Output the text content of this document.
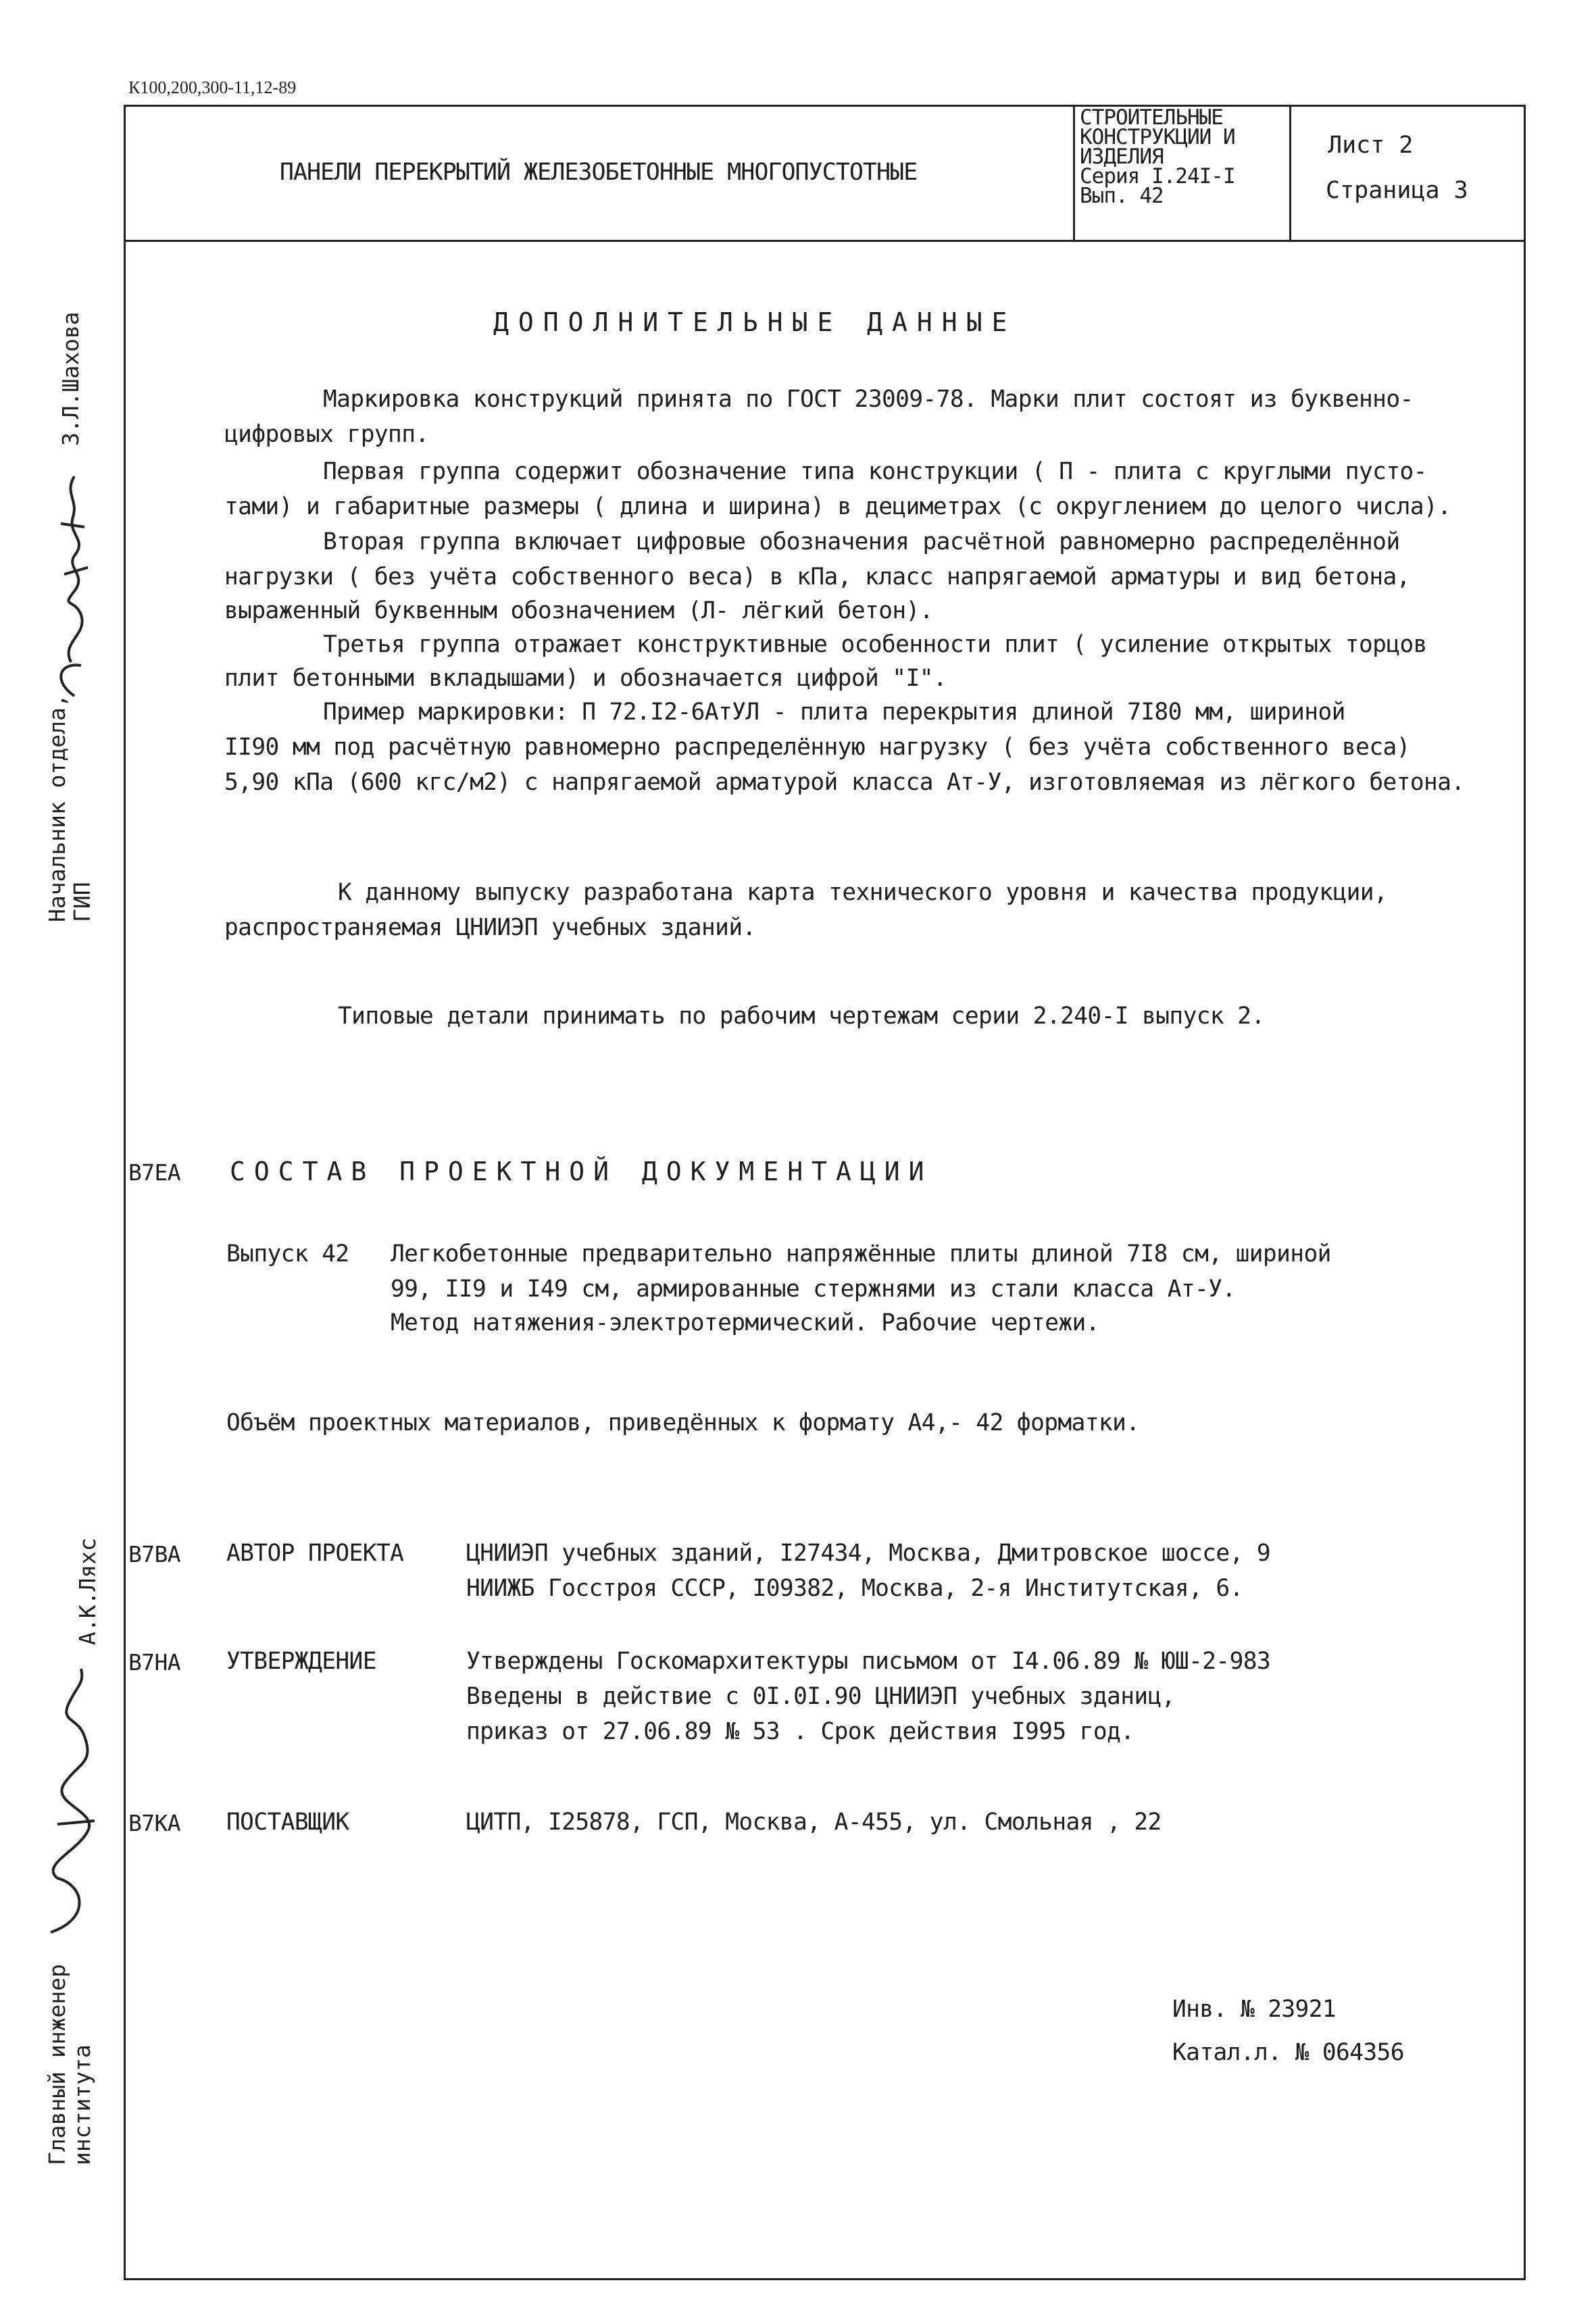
К100,200,300-11,12-89
ПАНЕЛИ ПЕРЕКРЫТИЙ ЖЕЛЕЗОБЕТОННЫЕ МНОГОПУСТОТНЫЕ
СТРОИТЕЛЬНЫЕ
КОНСТРУКЦИИ И
ИЗДЕЛИЯ
Серия I.24I-I
Вып. 42
Лист 2
Страница 3
ДОПОЛНИТЕЛЬНЫЕ ДАННЫЕ
Маркировка конструкций принята по ГОСТ 23009-78. Марки плит состоят из буквенно-
цифровых групп.
Первая группа содержит обозначение типа конструкции ( П - плита с круглыми пусто-
тами) и габаритные размеры ( длина и ширина) в дециметрах (с округлением до целого числа).
Вторая группа включает цифровые обозначения расчётной равномерно распределённой
нагрузки ( без учёта собственного веса) в кПа, класс напрягаемой арматуры и вид бетона,
выраженный буквенным обозначением (Л- лёгкий бетон).
Третья группа отражает конструктивные особенности плит ( усиление открытых торцов
плит бетонными вкладышами) и обозначается цифрой "I".
Пример маркировки: П 72.I2-6АтУЛ - плита перекрытия длиной 7I80 мм, шириной
II90 мм под расчётную равномерно распределённую нагрузку ( без учёта собственного веса)
5,90 кПа (600 кгс/м2) с напрягаемой арматурой класса Ат-У, изготовляемая из лёгкого бетона.
К данному выпуску разработана карта технического уровня и качества продукции,
распространяемая ЦНИИЭП учебных зданий.
Типовые детали принимать по рабочим чертежам серии 2.240-I выпуск 2.
В7ЕА СОСТАВ ПРОЕКТНОЙ ДОКУМЕНТАЦИИ
Выпуск 42 Легкобетонные предварительно напряжённые плиты длиной 7I8 см, шириной
99, II9 и I49 см, армированные стержнями из стали класса Ат-У.
Метод натяжения-электротермический. Рабочие чертежи.
Объём проектных материалов, приведённых к формату А4,- 42 форматки.
В7ВА АВТОР ПРОЕКТА	ЦНИИЭП учебных зданий, I27434, Москва, Дмитровское шоссе, 9
НИИЖБ Госстроя СССР, I09382, Москва, 2-я Институтская, 6.
В7НА УТВЕРЖДЕНИЕ	Утверждены Госкомархитектуры письмом от I4.06.89 № ЮШ-2-983
Введены в действие с 0I.0I.90 ЦНИИЭП учебных зданиц,
приказ от 27.06.89 № 53 . Срок действия I995 год.
В7КА ПОСТАВЩИК	ЦИТП, I25878, ГСП, Москва, А-455, ул. Смольная , 22
Инв. № 23921
Катал.л. № 064356
Начальник отдела,
ГИП
З.Л.Шахова
Главный инженер
института
А.К.Ляхс
